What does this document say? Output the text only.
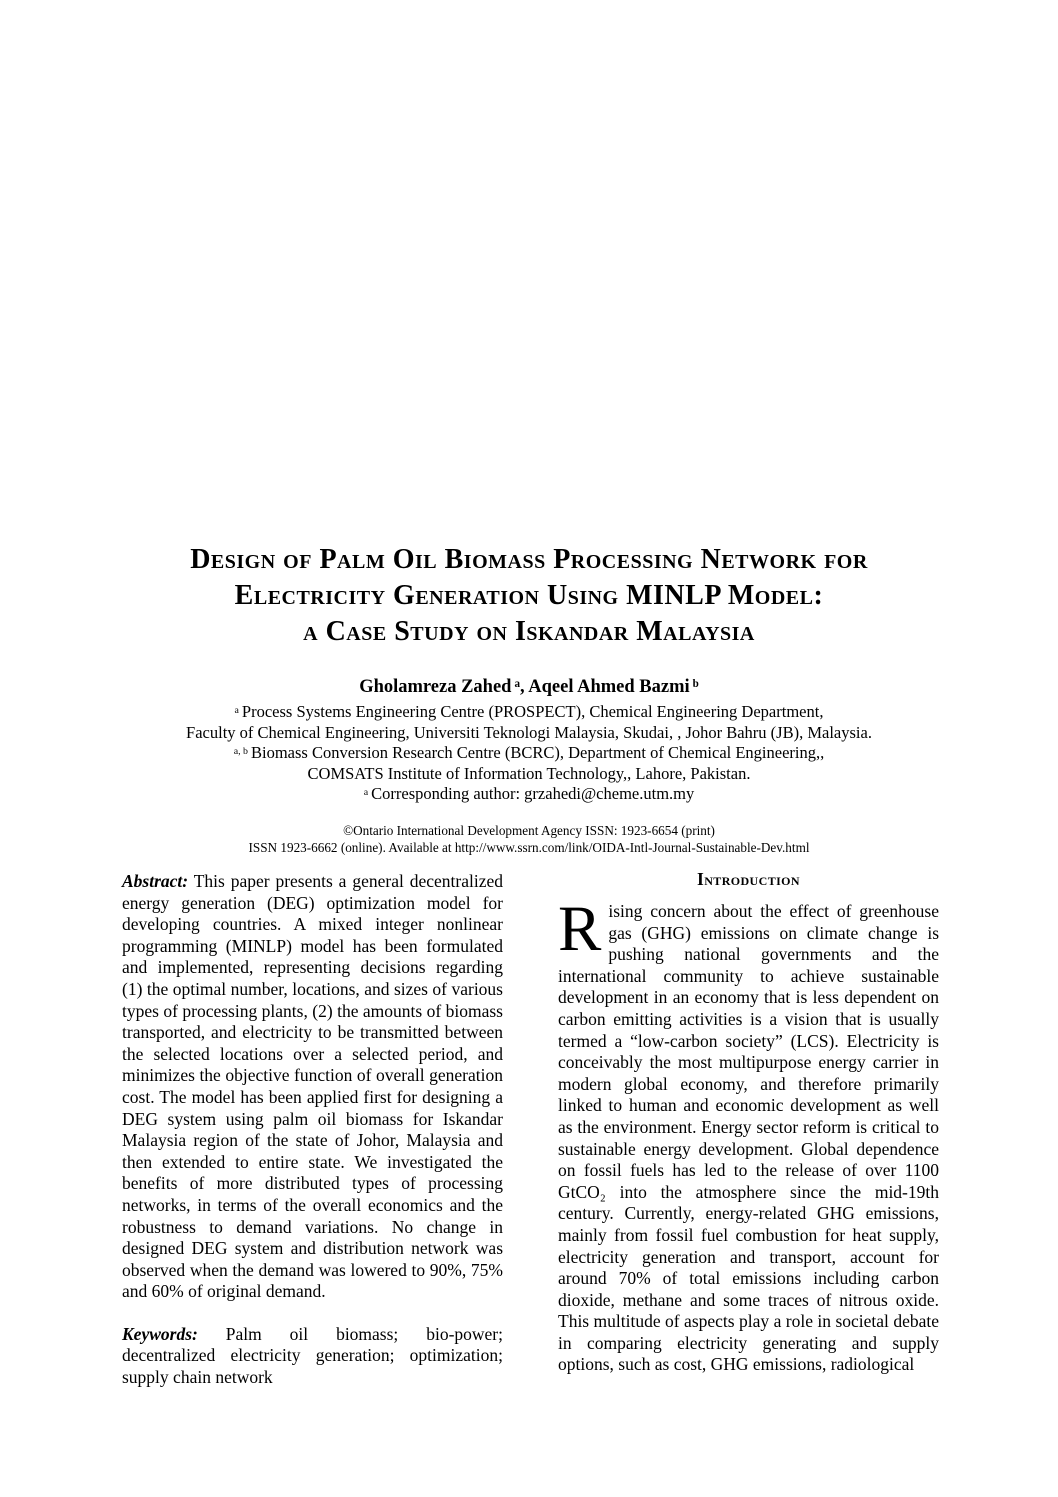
Design of Palm Oil Biomass Processing Network for
Electricity Generation Using MINLP Model:
a Case Study on Iskandar Malaysia
Gholamreza Zahed $^a$, Aqeel Ahmed Bazmi $^b$
$^a$ Process Systems Engineering Centre (PROSPECT), Chemical Engineering Department,
Faculty of Chemical Engineering, Universiti Teknologi Malaysia, Skudai, , Johor Bahru (JB), Malaysia.
$^{a, b}$ Biomass Conversion Research Centre (BCRC), Department of Chemical Engineering,,
COMSATS Institute of Information Technology,, Lahore, Pakistan.
$^a$ Corresponding author: grzahedi@cheme.utm.my
©Ontario International Development Agency ISSN: 1923-6654 (print)
ISSN 1923-6662 (online). Available at http://www.ssrn.com/link/OIDA-Intl-Journal-Sustainable-Dev.html

Abstract: This paper presents a general decentralized energy generation (DEG) optimization model for developing countries. A mixed integer nonlinear programming (MINLP) model has been formulated and implemented, representing decisions regarding (1) the optimal number, locations, and sizes of various types of processing plants, (2) the amounts of biomass transported, and electricity to be transmitted between the selected locations over a selected period, and minimizes the objective function of overall generation cost. The model has been applied first for designing a DEG system using palm oil biomass for Iskandar Malaysia region of the state of Johor, Malaysia and then extended to entire state. We investigated the benefits of more distributed types of processing networks, in terms of the overall economics and the robustness to demand variations. No change in designed DEG system and distribution network was observed when the demand was lowered to 90%, 75% and 60% of original demand.

Keywords: Palm oil biomass; bio-power; decentralized electricity generation; optimization; supply chain network

Introduction

Rising concern about the effect of greenhouse gas (GHG) emissions on climate change is pushing national governments and the international community to achieve sustainable development in an economy that is less dependent on carbon emitting activities is a vision that is usually termed a “low-carbon society” (LCS). Electricity is conceivably the most multipurpose energy carrier in modern global economy, and therefore primarily linked to human and economic development as well as the environment. Energy sector reform is critical to sustainable energy development. Global dependence on fossil fuels has led to the release of over 1100 GtCO₂ into the atmosphere since the mid-19th century. Currently, energy-related GHG emissions, mainly from fossil fuel combustion for heat supply, electricity generation and transport, account for around 70% of total emissions including carbon dioxide, methane and some traces of nitrous oxide. This multitude of aspects play a role in societal debate in comparing electricity generating and supply options, such as cost, GHG emissions, radiological
